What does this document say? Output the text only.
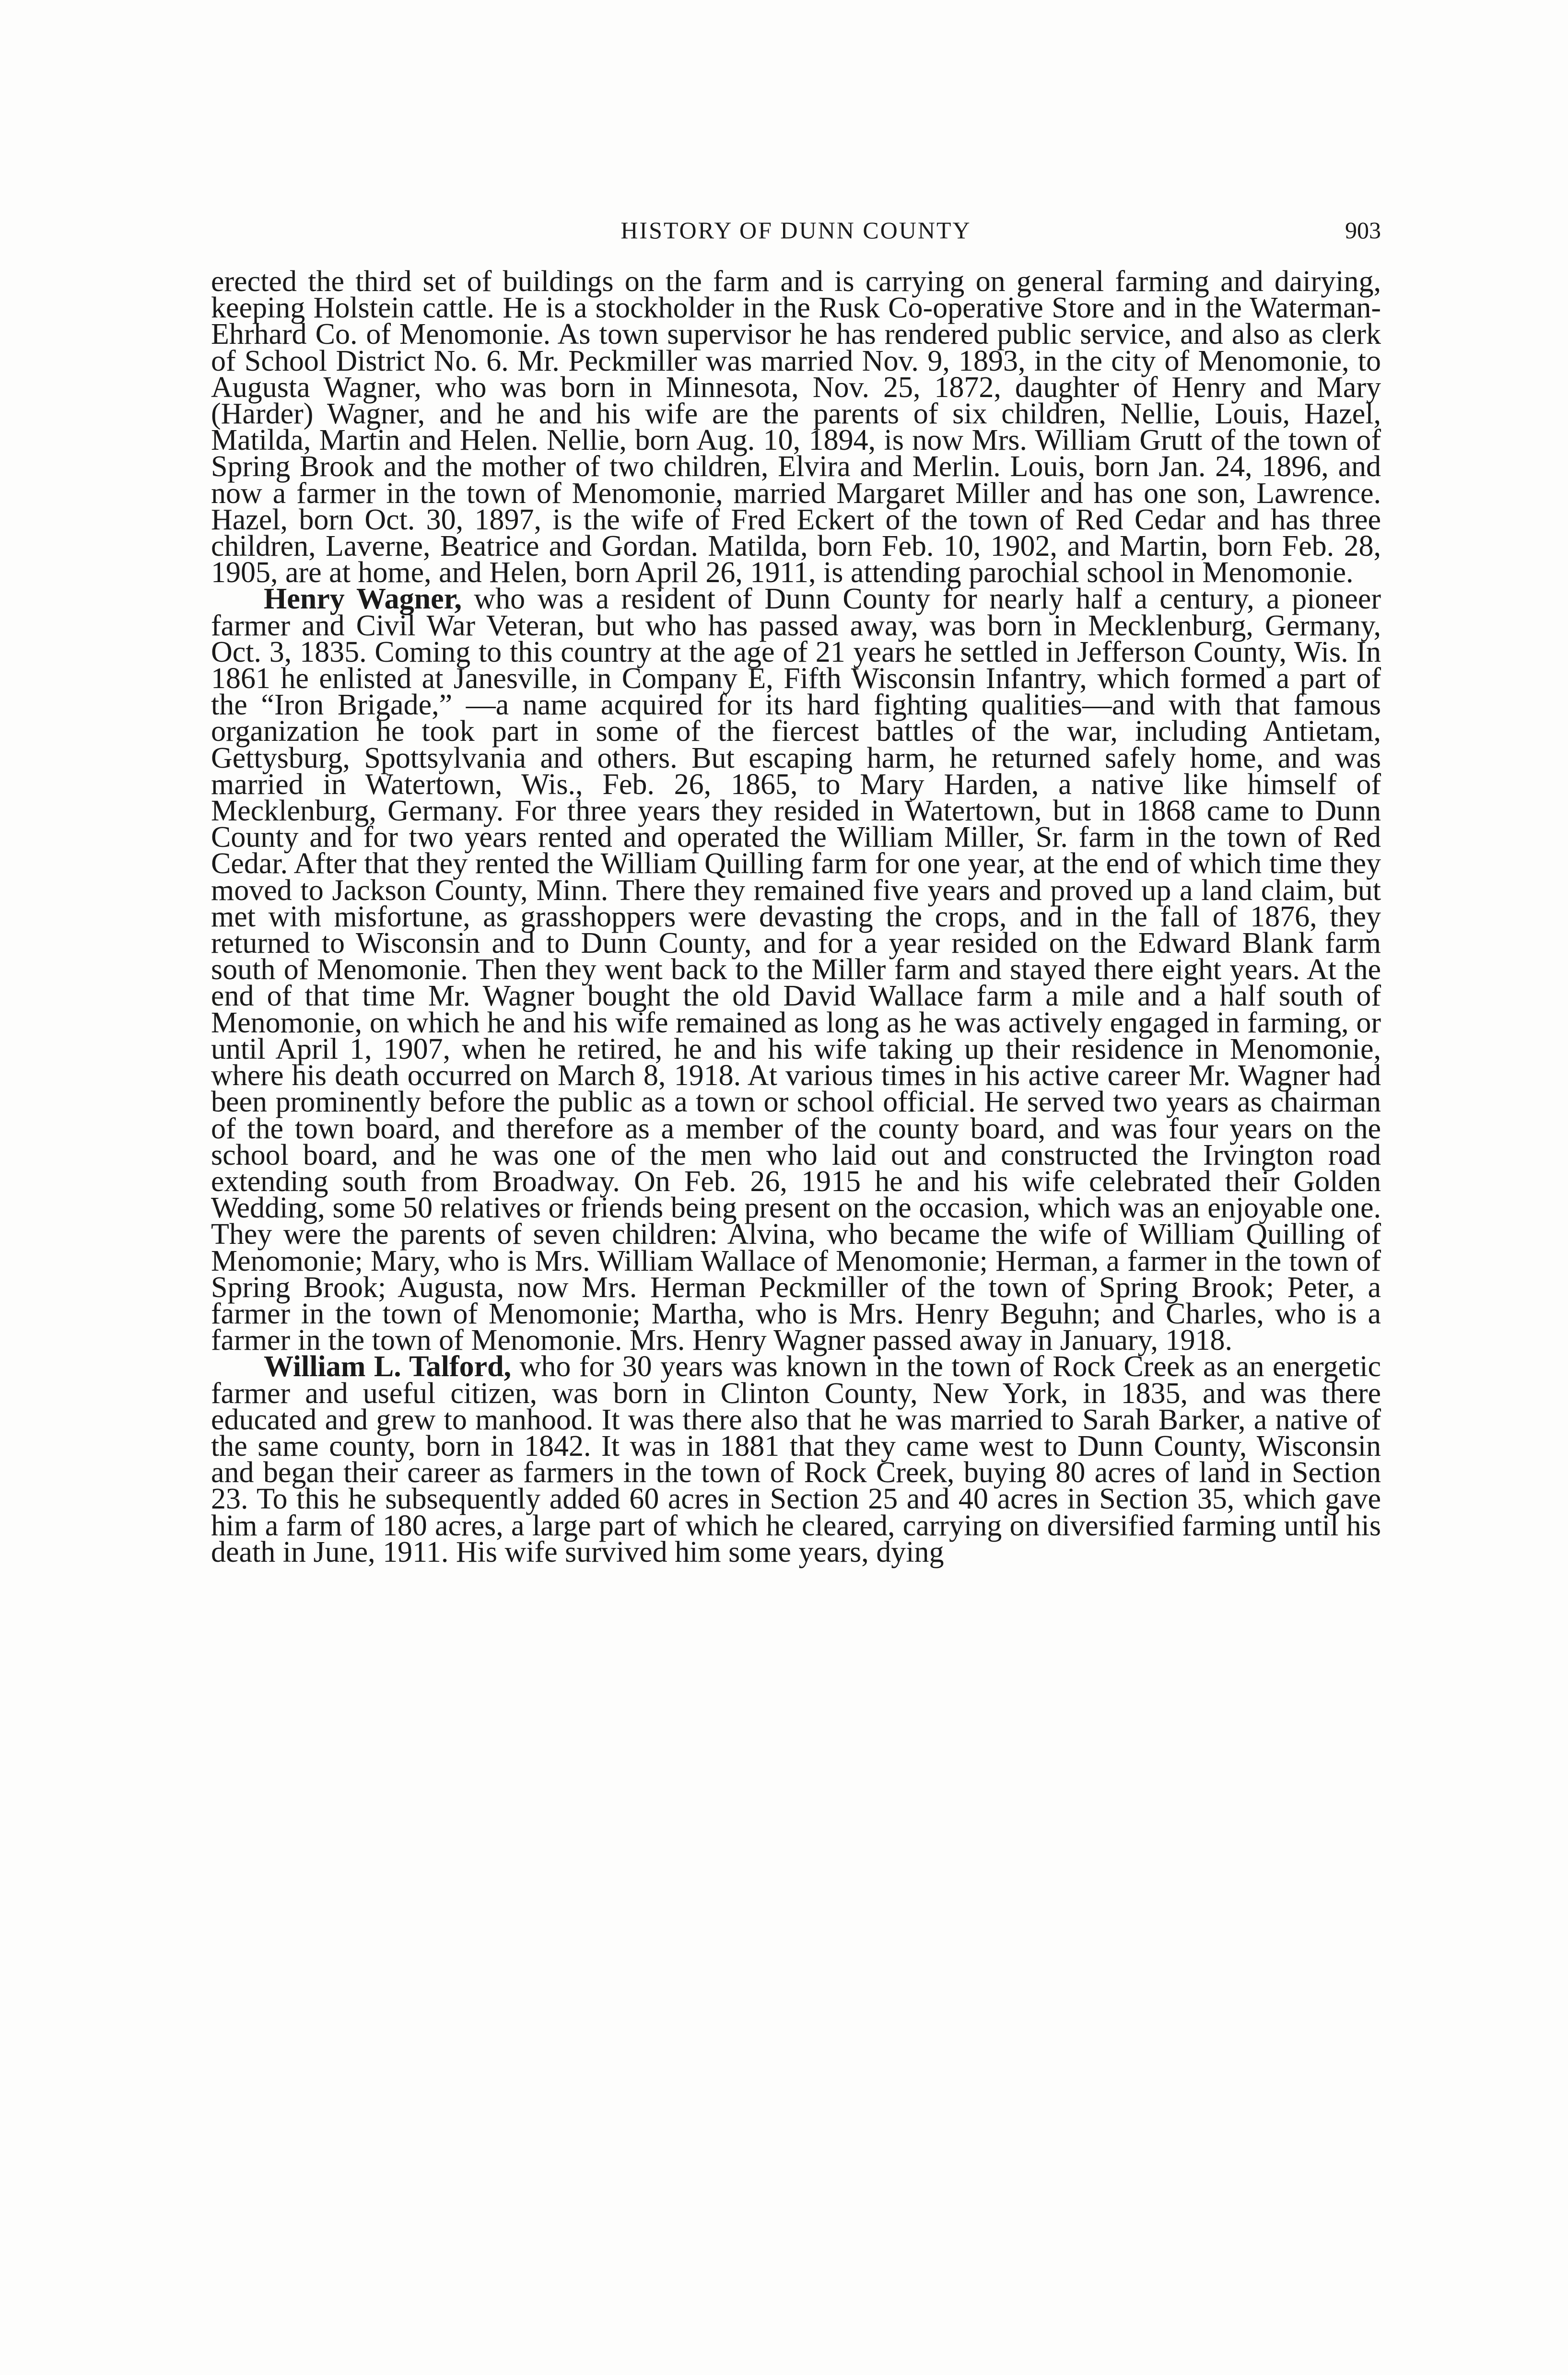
HISTORY OF DUNN COUNTY	903

erected the third set of buildings on the farm and is carrying on general farming and dairying, keeping Holstein cattle. He is a stockholder in the Rusk Co-operative Store and in the Waterman-Ehrhard Co. of Menomonie. As town supervisor he has rendered public service, and also as clerk of School District No. 6. Mr. Peckmiller was married Nov. 9, 1893, in the city of Menomonie, to Augusta Wagner, who was born in Minnesota, Nov. 25, 1872, daughter of Henry and Mary (Harder) Wagner, and he and his wife are the parents of six children, Nellie, Louis, Hazel, Matilda, Martin and Helen. Nellie, born Aug. 10, 1894, is now Mrs. William Grutt of the town of Spring Brook and the mother of two children, Elvira and Merlin. Louis, born Jan. 24, 1896, and now a farmer in the town of Menomonie, married Margaret Miller and has one son, Lawrence. Hazel, born Oct. 30, 1897, is the wife of Fred Eckert of the town of Red Cedar and has three children, Laverne, Beatrice and Gordan. Matilda, born Feb. 10, 1902, and Martin, born Feb. 28, 1905, are at home, and Helen, born April 26, 1911, is attending parochial school in Menomonie.

Henry Wagner, who was a resident of Dunn County for nearly half a century, a pioneer farmer and Civil War Veteran, but who has passed away, was born in Mecklenburg, Germany, Oct. 3, 1835. Coming to this country at the age of 21 years he settled in Jefferson County, Wis. In 1861 he enlisted at Janesville, in Company E, Fifth Wisconsin Infantry, which formed a part of the “Iron Brigade,” —a name acquired for its hard fighting qualities—and with that famous organization he took part in some of the fiercest battles of the war, including Antietam, Gettysburg, Spottsylvania and others. But escaping harm, he returned safely home, and was married in Watertown, Wis., Feb. 26, 1865, to Mary Harden, a native like himself of Mecklenburg, Germany. For three years they resided in Watertown, but in 1868 came to Dunn County and for two years rented and operated the William Miller, Sr. farm in the town of Red Cedar. After that they rented the William Quilling farm for one year, at the end of which time they moved to Jackson County, Minn. There they remained five years and proved up a land claim, but met with misfortune, as grasshoppers were devasting the crops, and in the fall of 1876, they returned to Wisconsin and to Dunn County, and for a year resided on the Edward Blank farm south of Menomonie. Then they went back to the Miller farm and stayed there eight years. At the end of that time Mr. Wagner bought the old David Wallace farm a mile and a half south of Menomonie, on which he and his wife remained as long as he was actively engaged in farming, or until April 1, 1907, when he retired, he and his wife taking up their residence in Menomonie, where his death occurred on March 8, 1918. At various times in his active career Mr. Wagner had been prominently before the public as a town or school official. He served two years as chairman of the town board, and therefore as a member of the county board, and was four years on the school board, and he was one of the men who laid out and constructed the Irvington road extending south from Broadway. On Feb. 26, 1915 he and his wife celebrated their Golden Wedding, some 50 relatives or friends being present on the occasion, which was an enjoyable one. They were the parents of seven children: Alvina, who became the wife of William Quilling of Menomonie; Mary, who is Mrs. William Wallace of Menomonie; Herman, a farmer in the town of Spring Brook; Augusta, now Mrs. Herman Peckmiller of the town of Spring Brook; Peter, a farmer in the town of Menomonie; Martha, who is Mrs. Henry Beguhn; and Charles, who is a farmer in the town of Menomonie. Mrs. Henry Wagner passed away in January, 1918.

William L. Talford, who for 30 years was known in the town of Rock Creek as an energetic farmer and useful citizen, was born in Clinton County, New York, in 1835, and was there educated and grew to manhood. It was there also that he was married to Sarah Barker, a native of the same county, born in 1842. It was in 1881 that they came west to Dunn County, Wisconsin and began their career as farmers in the town of Rock Creek, buying 80 acres of land in Section 23. To this he subsequently added 60 acres in Section 25 and 40 acres in Section 35, which gave him a farm of 180 acres, a large part of which he cleared, carrying on diversified farming until his death in June, 1911. His wife survived him some years, dying
